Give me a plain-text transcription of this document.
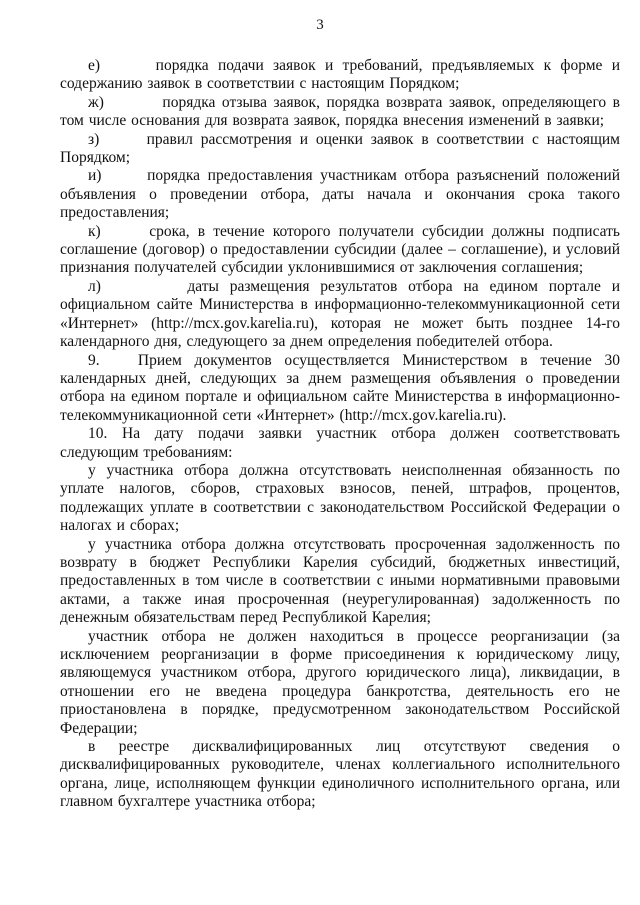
3

е)      порядка подачи заявок и требований, предъявляемых к форме и содержанию заявок в соответствии с настоящим Порядком;

ж)         порядка отзыва заявок, порядка возврата заявок, определяющего в том числе основания для возврата заявок, порядка внесения изменений в заявки;

з)      правил рассмотрения и оценки заявок в соответствии с настоящим Порядком;

и)      порядка предоставления участникам отбора разъяснений положений объявления о проведении отбора, даты начала и окончания срока такого предоставления;

к)      срока, в течение которого получатели субсидии должны подписать соглашение (договор) о предоставлении субсидии (далее – соглашение), и условий признания получателей субсидии уклонившимися от заключения соглашения;

л)        даты размещения результатов отбора на едином портале и официальном сайте Министерства в информационно-телекоммуникационной сети «Интернет» (http://mcx.gov.karelia.ru), которая не может быть позднее 14-го календарного дня, следующего за днем определения победителей отбора.

9.   Прием документов осуществляется Министерством в течение 30 календарных дней, следующих за днем размещения объявления о проведении отбора на едином портале и официальном сайте Министерства в информационно-телекоммуникационной сети «Интернет» (http://mcx.gov.karelia.ru).

10. На дату подачи заявки участник отбора должен соответствовать следующим требованиям:

у участника отбора должна отсутствовать неисполненная обязанность по уплате налогов, сборов, страховых взносов, пеней, штрафов, процентов, подлежащих уплате в соответствии с законодательством Российской Федерации о налогах и сборах;

у участника отбора должна отсутствовать просроченная задолженность по возврату в бюджет Республики Карелия субсидий, бюджетных инвестиций, предоставленных в том числе в соответствии с иными нормативными правовыми актами, а также иная просроченная (неурегулированная) задолженность по денежным обязательствам перед Республикой Карелия;

участник отбора не должен находиться в процессе реорганизации (за исключением реорганизации в форме присоединения к юридическому лицу, являющемуся участником отбора, другого юридического лица), ликвидации, в отношении его не введена процедура банкротства, деятельность его не приостановлена в порядке, предусмотренном законодательством Российской Федерации;

в реестре дисквалифицированных лиц отсутствуют сведения о дисквалифицированных руководителе, членах коллегиального исполнительного органа, лице, исполняющем функции единоличного исполнительного органа, или главном бухгалтере участника отбора;
